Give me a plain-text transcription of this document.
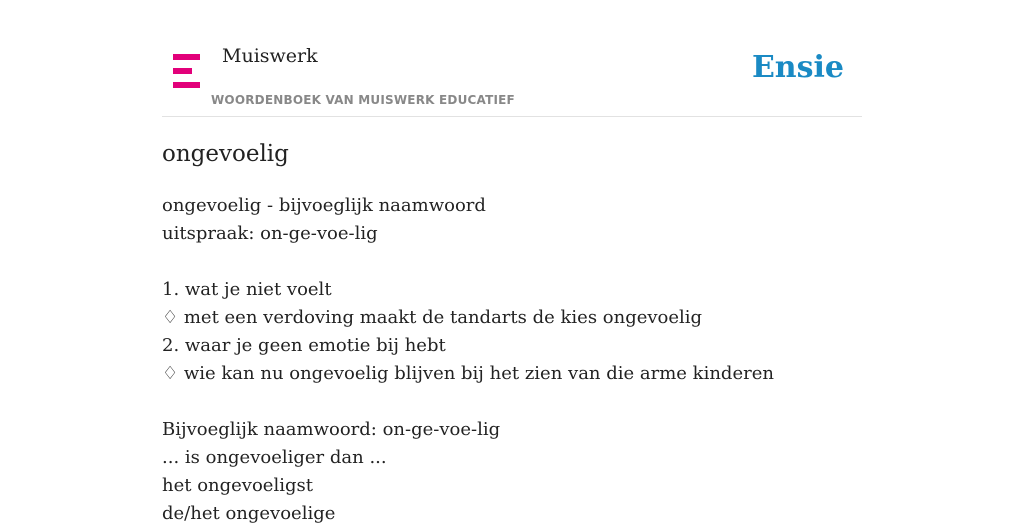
Muiswerk
WOORDENBOEK VAN MUISWERK EDUCATIEF
Ensie
ongevoelig
ongevoelig - bijvoeglijk naamwoord
uitspraak: on-ge-voe-lig
1. wat je niet voelt
♢ met een verdoving maakt de tandarts de kies ongevoelig
2. waar je geen emotie bij hebt
♢ wie kan nu ongevoelig blijven bij het zien van die arme kinderen
Bijvoeglijk naamwoord: on-ge-voe-lig
... is ongevoeliger dan ...
het ongevoeligst
de/het ongevoelige
